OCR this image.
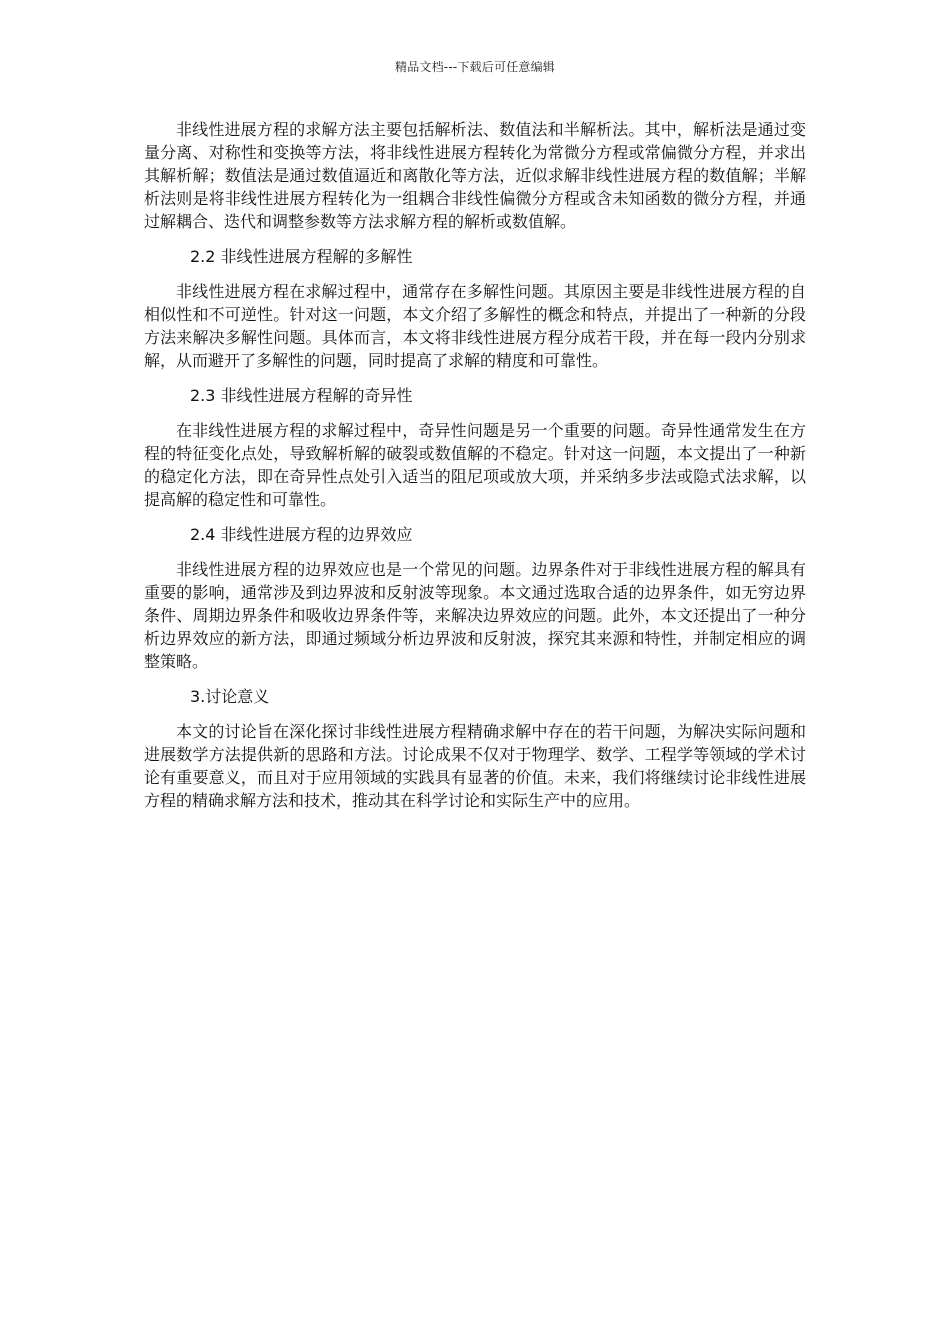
精品文档---下载后可任意编辑

非线性进展方程的求解方法主要包括解析法、数值法和半解析法。其中，解析法是通过变量分离、对称性和变换等方法，将非线性进展方程转化为常微分方程或常偏微分方程，并求出其解析解；数值法是通过数值逼近和离散化等方法，近似求解非线性进展方程的数值解；半解析法则是将非线性进展方程转化为一组耦合非线性偏微分方程或含未知函数的微分方程，并通过解耦合、迭代和调整参数等方法求解方程的解析或数值解。

2.2 非线性进展方程解的多解性

非线性进展方程在求解过程中，通常存在多解性问题。其原因主要是非线性进展方程的自相似性和不可逆性。针对这一问题，本文介绍了多解性的概念和特点，并提出了一种新的分段方法来解决多解性问题。具体而言，本文将非线性进展方程分成若干段，并在每一段内分别求解，从而避开了多解性的问题，同时提高了求解的精度和可靠性。

2.3 非线性进展方程解的奇异性

在非线性进展方程的求解过程中，奇异性问题是另一个重要的问题。奇异性通常发生在方程的特征变化点处，导致解析解的破裂或数值解的不稳定。针对这一问题，本文提出了一种新的稳定化方法，即在奇异性点处引入适当的阻尼项或放大项，并采纳多步法或隐式法求解，以提高解的稳定性和可靠性。

2.4 非线性进展方程的边界效应

非线性进展方程的边界效应也是一个常见的问题。边界条件对于非线性进展方程的解具有重要的影响，通常涉及到边界波和反射波等现象。本文通过选取合适的边界条件，如无穷边界条件、周期边界条件和吸收边界条件等，来解决边界效应的问题。此外，本文还提出了一种分析边界效应的新方法，即通过频域分析边界波和反射波，探究其来源和特性，并制定相应的调整策略。

3.讨论意义

本文的讨论旨在深化探讨非线性进展方程精确求解中存在的若干问题，为解决实际问题和进展数学方法提供新的思路和方法。讨论成果不仅对于物理学、数学、工程学等领域的学术讨论有重要意义，而且对于应用领域的实践具有显著的价值。未来，我们将继续讨论非线性进展方程的精确求解方法和技术，推动其在科学讨论和实际生产中的应用。
